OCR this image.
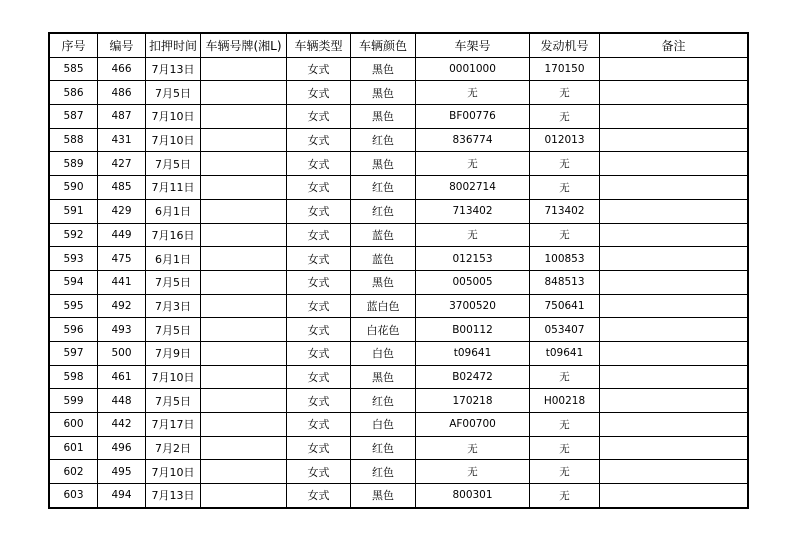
序号	编号	扣押时间	车辆号牌(湘L)	车辆类型	车辆颜色	车架号	发动机号	备注
585	466	7月13日		女式	黑色	0001000	170150	
586	486	7月5日		女式	黑色	无	无	
587	487	7月10日		女式	黑色	BF00776	无	
588	431	7月10日		女式	红色	836774	012013	
589	427	7月5日		女式	黑色	无	无	
590	485	7月11日		女式	红色	8002714	无	
591	429	6月1日		女式	红色	713402	713402	
592	449	7月16日		女式	蓝色	无	无	
593	475	6月1日		女式	蓝色	012153	100853	
594	441	7月5日		女式	黑色	005005	848513	
595	492	7月3日		女式	蓝白色	3700520	750641	
596	493	7月5日		女式	白花色	B00112	053407	
597	500	7月9日		女式	白色	t09641	t09641	
598	461	7月10日		女式	黑色	B02472	无	
599	448	7月5日		女式	红色	170218	H00218	
600	442	7月17日		女式	白色	AF00700	无	
601	496	7月2日		女式	红色	无	无	
602	495	7月10日		女式	红色	无	无	
603	494	7月13日		女式	黑色	800301	无	
